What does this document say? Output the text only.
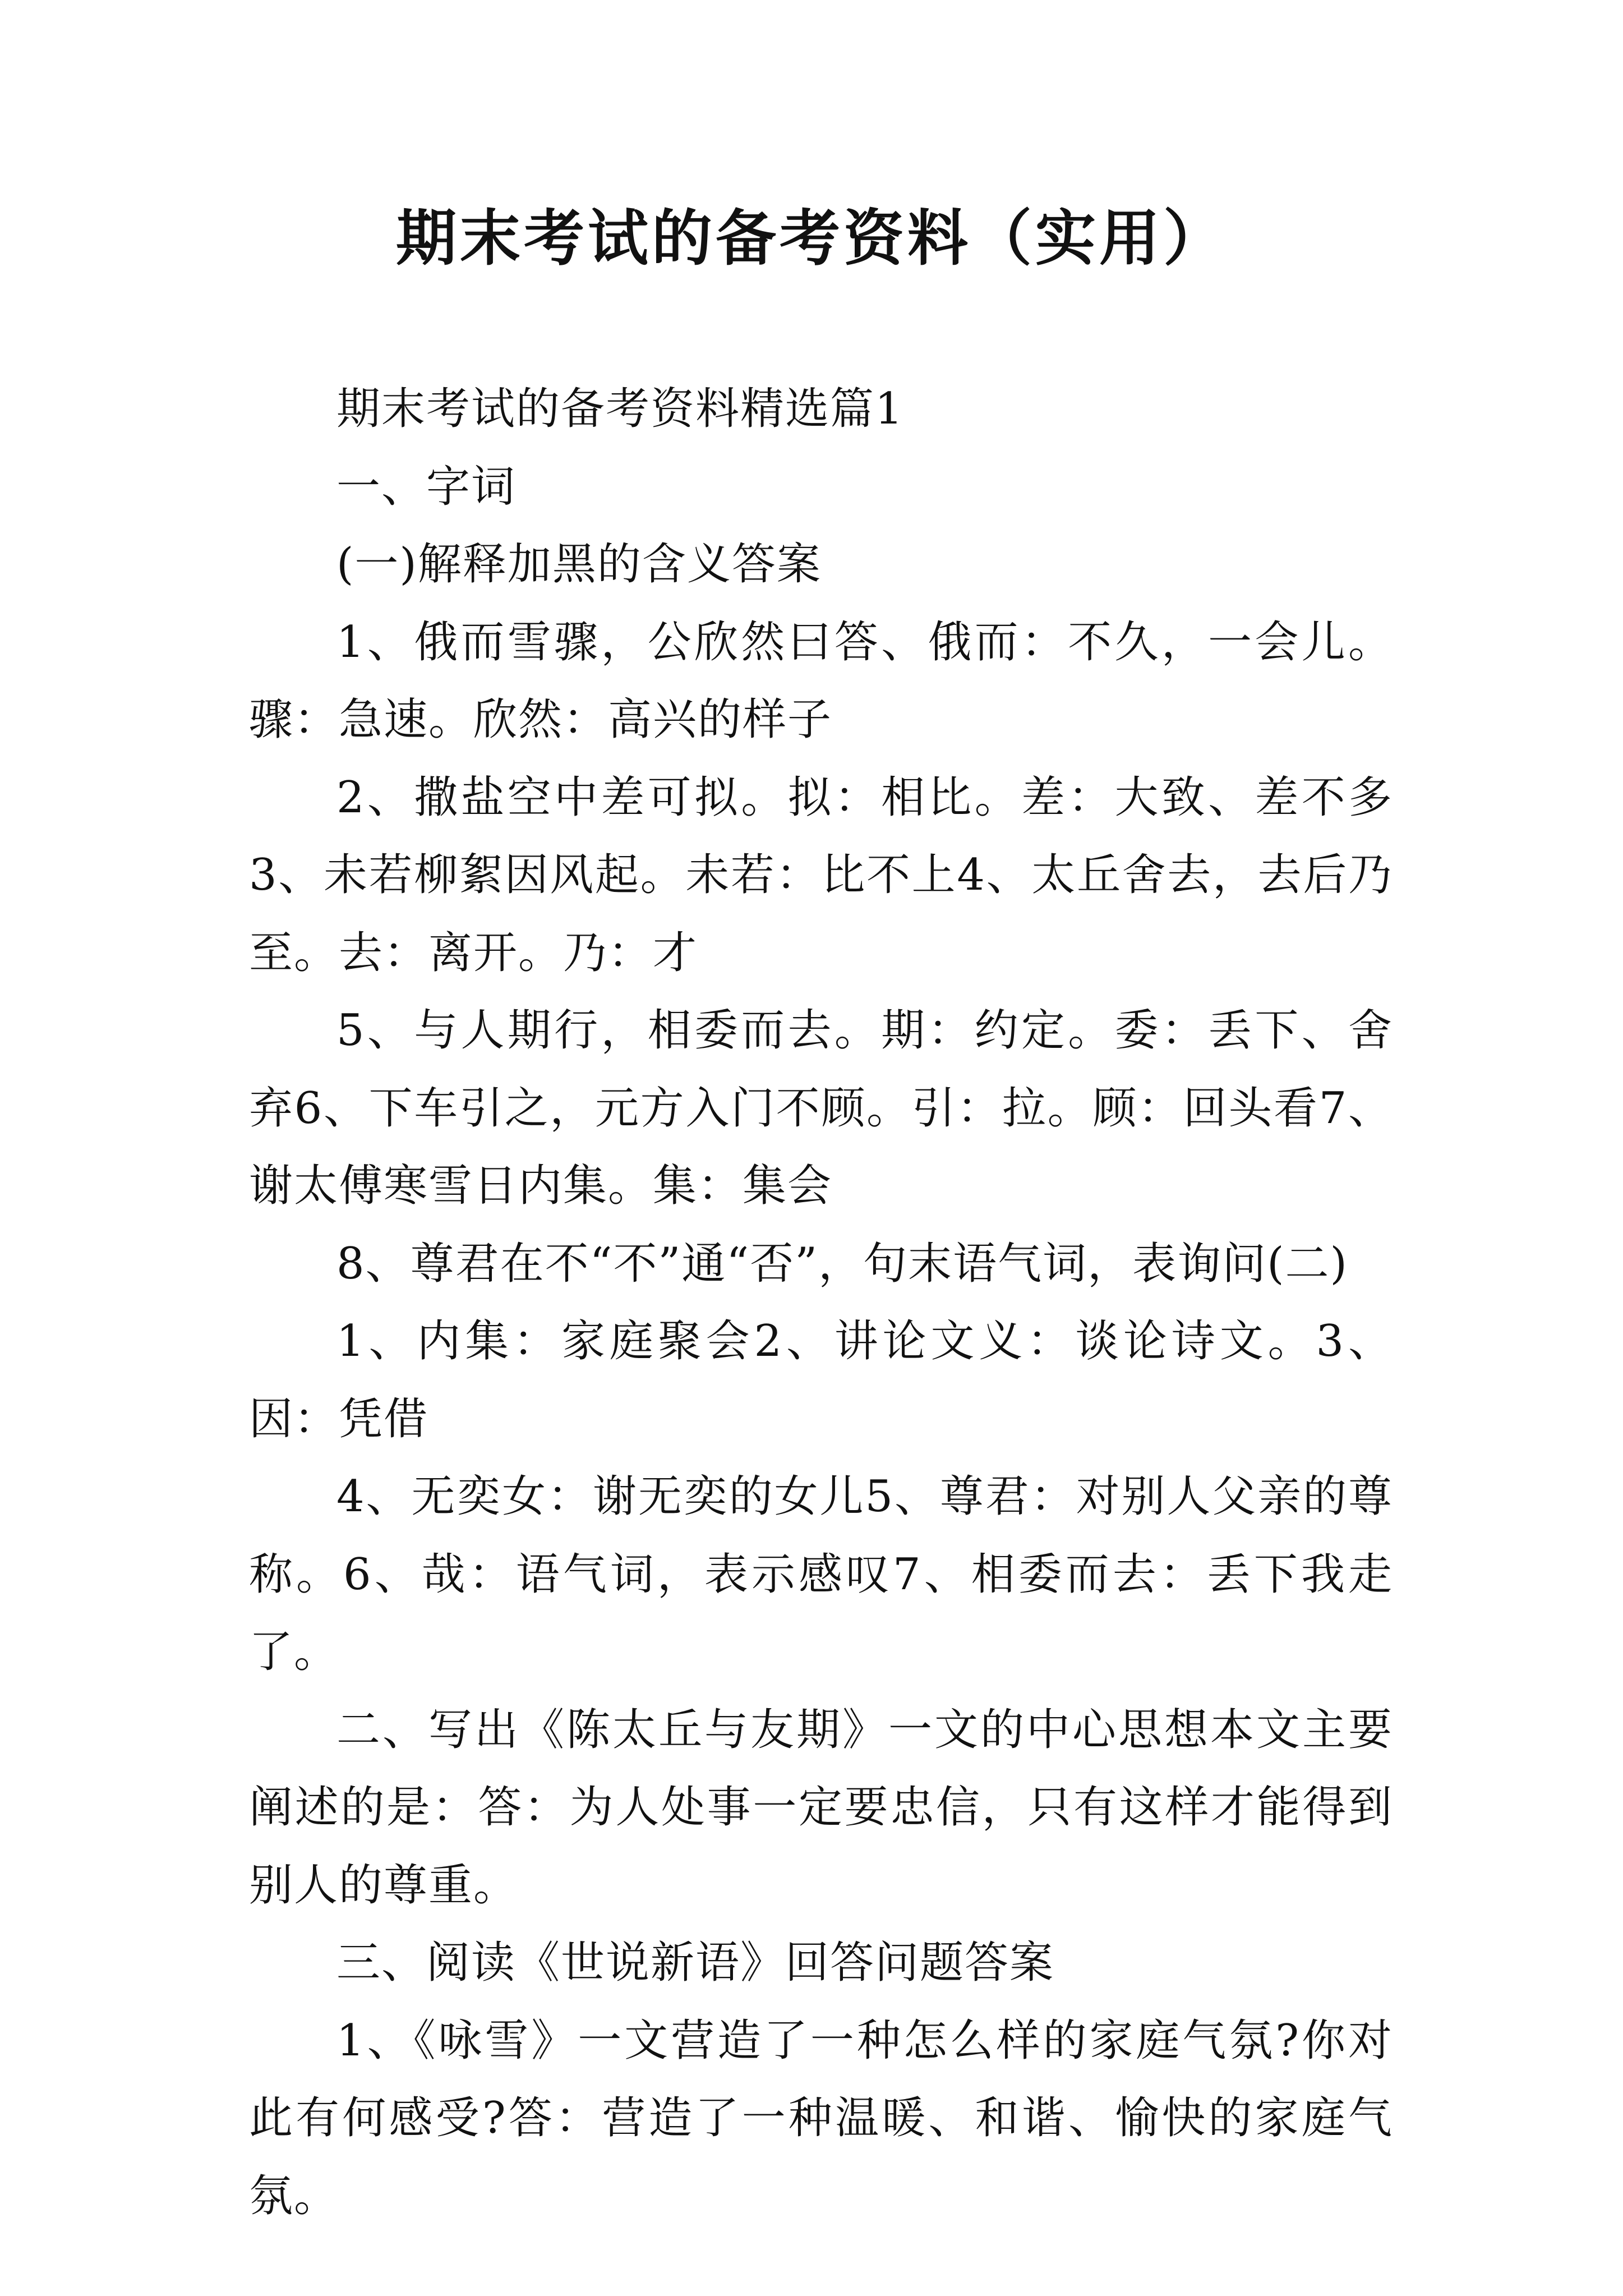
期末考试的备考资料（实用）

期末考试的备考资料精选篇1

一、字词

(一)解释加黑的含义答案

1、俄而雪骤，公欣然曰答、俄而：不久，一会儿。骤：急速。欣然：高兴的样子

2、撒盐空中差可拟。拟：相比。差：大致、差不多3、未若柳絮因风起。未若：比不上4、太丘舍去，去后乃至。去：离开。乃：才

5、与人期行，相委而去。期：约定。委：丢下、舍弃6、下车引之，元方入门不顾。引：拉。顾：回头看7、谢太傅寒雪日内集。集：集会

8、尊君在不“不”通“否”，句末语气词，表询问(二)

1、内集：家庭聚会2、讲论文义：谈论诗文。3、因：凭借

4、无奕女：谢无奕的女儿5、尊君：对别人父亲的尊称。6、哉：语气词，表示感叹7、相委而去：丢下我走了。

二、写出《陈太丘与友期》一文的中心思想本文主要阐述的是：答：为人处事一定要忠信，只有这样才能得到别人的尊重。

三、阅读《世说新语》回答问题答案

1、《咏雪》一文营造了一种怎么样的家庭气氛?你对此有何感受?答：营造了一种温暖、和谐、愉快的家庭气氛。
